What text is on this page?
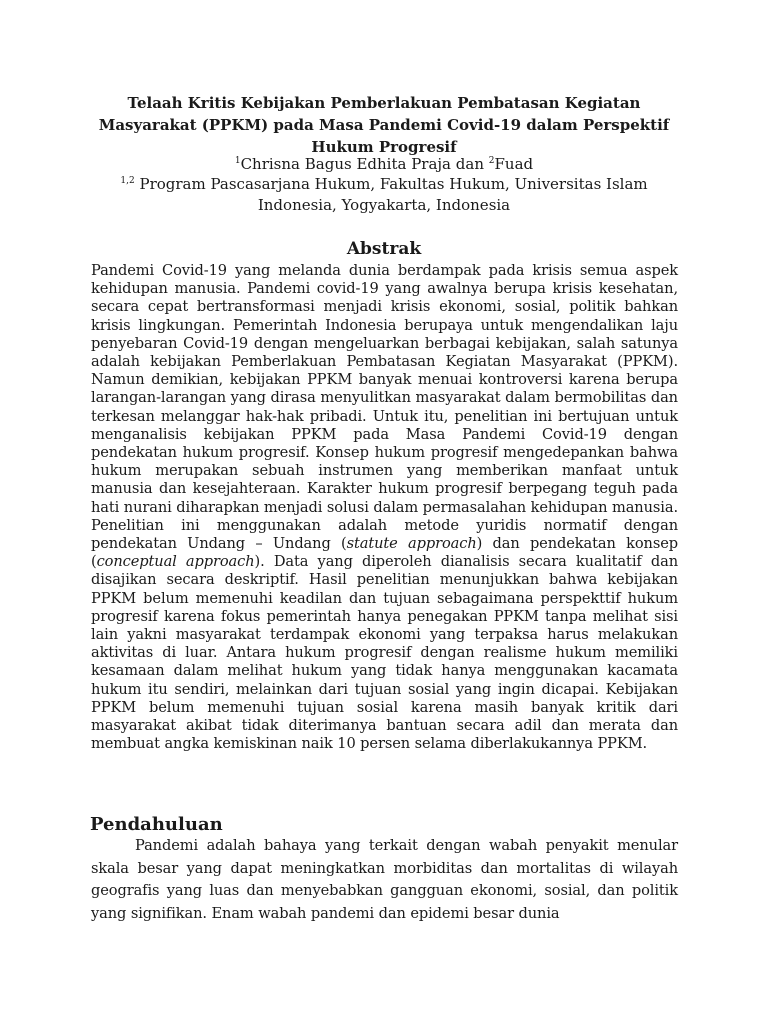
Telaah Kritis Kebijakan Pemberlakuan Pembatasan Kegiatan Masyarakat (PPKM) pada Masa Pandemi Covid-19 dalam Perspektif Hukum Progresif
$^1$Chrisna Bagus Edhita Praja dan $^2$Fuad
$^{1,2}$ Program Pascasarjana Hukum, Fakultas Hukum, Universitas Islam Indonesia, Yogyakarta, Indonesia
Abstrak
Pandemi Covid-19 yang melanda dunia berdampak pada krisis semua aspek kehidupan manusia. Pandemi covid-19 yang awalnya berupa krisis kesehatan, secara cepat bertransformasi menjadi krisis ekonomi, sosial, politik bahkan krisis lingkungan. Pemerintah Indonesia berupaya untuk mengendalikan laju penyebaran Covid-19 dengan mengeluarkan berbagai kebijakan, salah satunya adalah kebijakan Pemberlakuan Pembatasan Kegiatan Masyarakat (PPKM). Namun demikian, kebijakan PPKM banyak menuai kontroversi karena berupa larangan-larangan yang dirasa menyulitkan masyarakat dalam bermobilitas dan terkesan melanggar hak-hak pribadi. Untuk itu, penelitian ini bertujuan untuk menganalisis kebijakan PPKM pada Masa Pandemi Covid-19 dengan pendekatan hukum progresif. Konsep hukum progresif mengedepankan bahwa hukum merupakan sebuah instrumen yang memberikan manfaat untuk manusia dan kesejahteraan. Karakter hukum progresif berpegang teguh pada hati nurani diharapkan menjadi solusi dalam permasalahan kehidupan manusia. Penelitian ini menggunakan adalah metode yuridis normatif dengan pendekatan Undang – Undang (statute approach) dan pendekatan konsep (conceptual approach). Data yang diperoleh dianalisis secara kualitatif dan disajikan secara deskriptif. Hasil penelitian menunjukkan bahwa kebijakan PPKM belum memenuhi keadilan dan tujuan sebagaimana perspekttif hukum progresif karena fokus pemerintah hanya penegakan PPKM tanpa melihat sisi lain yakni masyarakat terdampak ekonomi yang terpaksa harus melakukan aktivitas di luar. Antara hukum progresif dengan realisme hukum memiliki kesamaan dalam melihat hukum yang tidak hanya menggunakan kacamata hukum itu sendiri, melainkan dari tujuan sosial yang ingin dicapai. Kebijakan PPKM belum memenuhi tujuan sosial karena masih banyak kritik dari masyarakat akibat tidak diterimanya bantuan secara adil dan merata dan membuat angka kemiskinan naik 10 persen selama diberlakukannya PPKM.
Pendahuluan
Pandemi adalah bahaya yang terkait dengan wabah penyakit menular skala besar yang dapat meningkatkan morbiditas dan mortalitas di wilayah geografis yang luas dan menyebabkan gangguan ekonomi, sosial, dan politik yang signifikan. Enam wabah pandemi dan epidemi besar dunia
